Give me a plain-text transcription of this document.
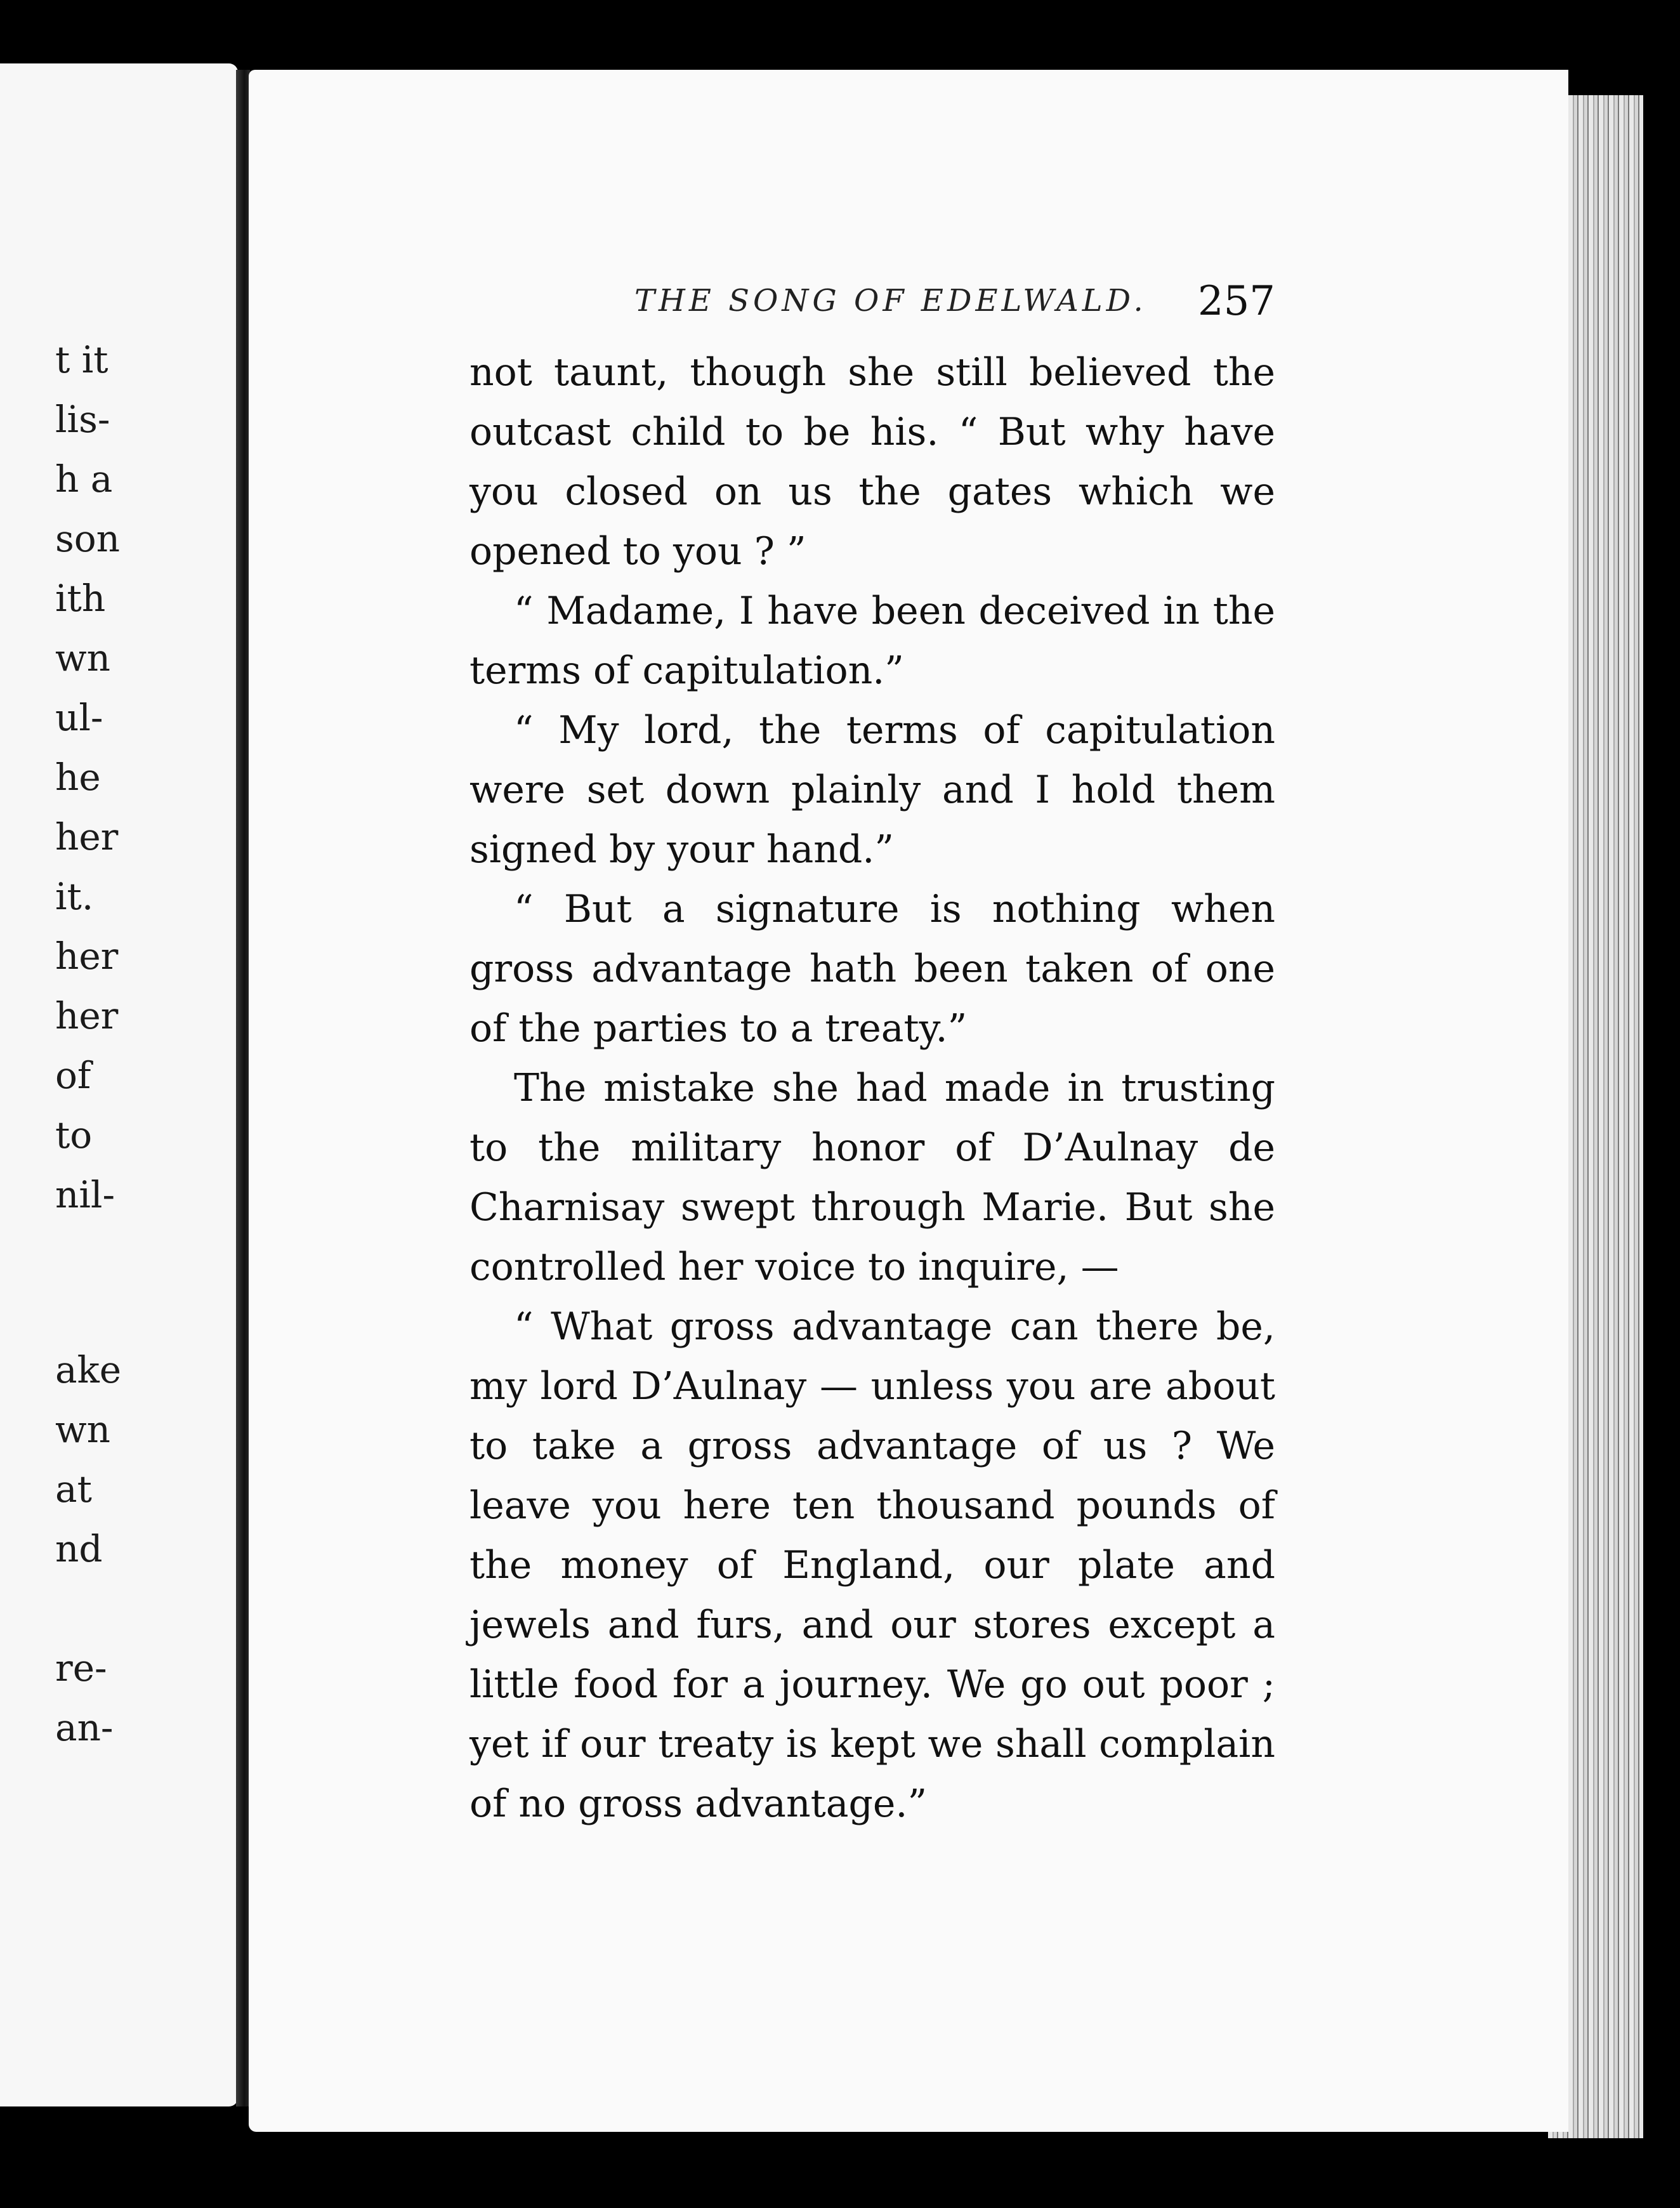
t it
lis-
h a
son
ith
wn
ul-
he
her
it.
her
her
of
to
nil-
ake
wn
at
nd
re-
an-
THE SONG OF EDELWALD. 257

not taunt, though she still believed the outcast child to be his. “ But why have you closed on us the gates which we opened to you ? ”

“ Madame, I have been deceived in the terms of capitulation.”

“ My lord, the terms of capitulation were set down plainly and I hold them signed by your hand.”

“ But a signature is nothing when gross advantage hath been taken of one of the parties to a treaty.”

The mistake she had made in trusting to the military honor of D’Aulnay de Charnisay swept through Marie. But she controlled her voice to inquire, —

“ What gross advantage can there be, my lord D’Aulnay — unless you are about to take a gross advantage of us ? We leave you here ten thousand pounds of the money of England, our plate and jewels and furs, and our stores except a little food for a journey. We go out poor ; yet if our treaty is kept we shall complain of no gross advantage.”
